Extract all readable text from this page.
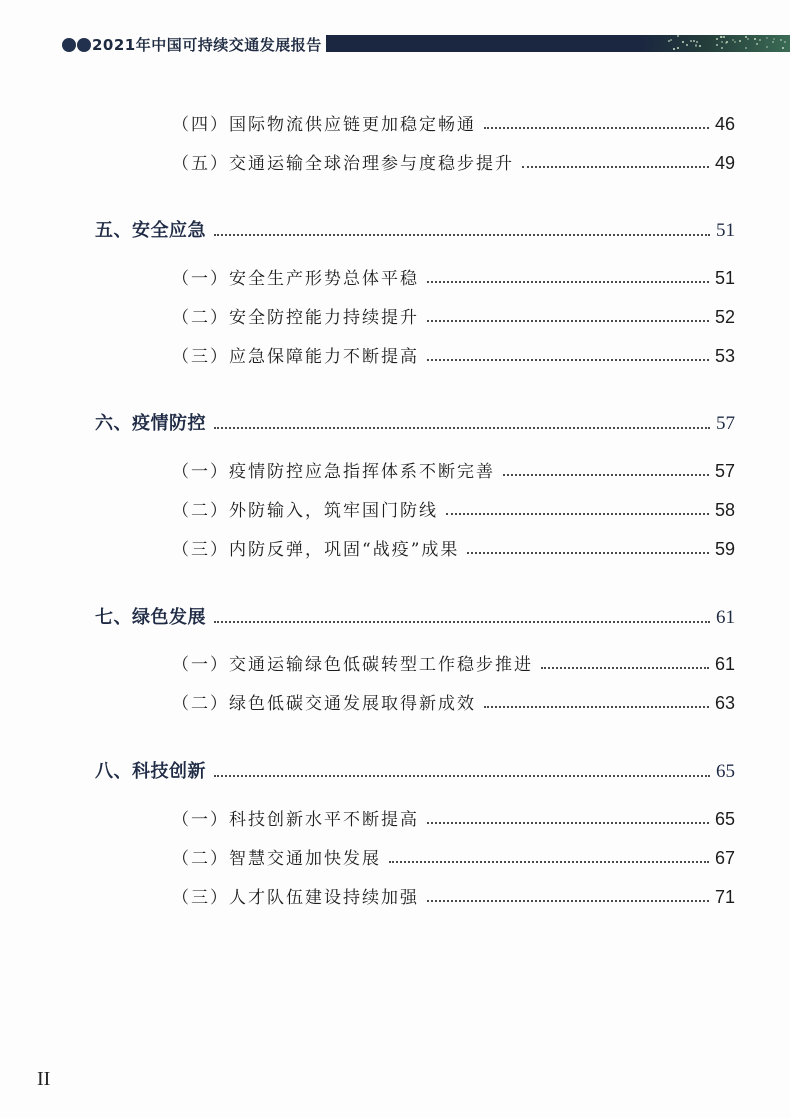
2021年中国可持续交通发展报告
（四）国际物流供应链更加稳定畅通	46
（五）交通运输全球治理参与度稳步提升	49
五、安全应急	51
（一）安全生产形势总体平稳	51
（二）安全防控能力持续提升	52
（三）应急保障能力不断提高	53
六、疫情防控	57
（一）疫情防控应急指挥体系不断完善	57
（二）外防输入，筑牢国门防线	58
（三）内防反弹，巩固“战疫”成果	59
七、绿色发展	61
（一）交通运输绿色低碳转型工作稳步推进	61
（二）绿色低碳交通发展取得新成效	63
八、科技创新	65
（一）科技创新水平不断提高	65
（二）智慧交通加快发展	67
（三）人才队伍建设持续加强	71
II
